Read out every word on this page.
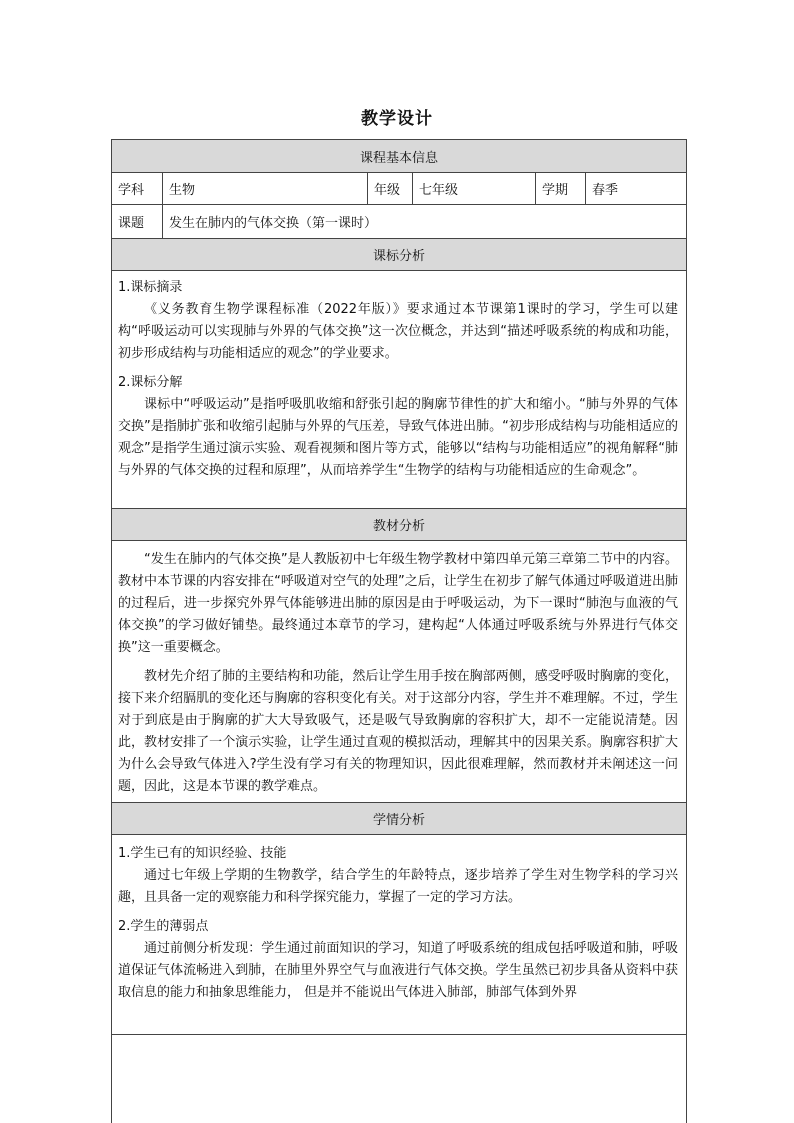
教学设计
课程基本信息
学科	生物	年级	七年级	学期	春季
课题	发生在肺内的气体交换（第一课时）
课标分析

1.课标摘录

《义务教育生物学课程标准（2022年版）》要求通过本节课第1课时的学习，学生可以建构“呼吸运动可以实现肺与外界的气体交换”这一次位概念，并达到“描述呼吸系统的构成和功能，初步形成结构与功能相适应的观念”的学业要求。

2.课标分解

课标中“呼吸运动”是指呼吸肌收缩和舒张引起的胸廓节律性的扩大和缩小。“肺与外界的气体交换”是指肺扩张和收缩引起肺与外界的气压差，导致气体进出肺。“初步形成结构与功能相适应的观念”是指学生通过演示实验、观看视频和图片等方式，能够以“结构与功能相适应”的视角解释“肺与外界的气体交换的过程和原理”，从而培养学生“生物学的结构与功能相适应的生命观念”。

教材分析

“发生在肺内的气体交换”是人教版初中七年级生物学教材中第四单元第三章第二节中的内容。教材中本节课的内容安排在“呼吸道对空气的处理”之后，让学生在初步了解气体通过呼吸道进出肺的过程后，进一步探究外界气体能够进出肺的原因是由于呼吸运动，为下一课时“肺泡与血液的气体交换”的学习做好铺垫。最终通过本章节的学习，建构起“人体通过呼吸系统与外界进行气体交换”这一重要概念。

教材先介绍了肺的主要结构和功能，然后让学生用手按在胸部两侧，感受呼吸时胸廓的变化，接下来介绍膈肌的变化还与胸廓的容积变化有关。对于这部分内容，学生并不难理解。不过，学生对于到底是由于胸廓的扩大大导致吸气，还是吸气导致胸廓的容积扩大，却不一定能说清楚。因此，教材安排了一个演示实验，让学生通过直观的模拟活动，理解其中的因果关系。胸廓容积扩大为什么会导致气体进入?学生没有学习有关的物理知识，因此很难理解，然而教材并未阐述这一问题，因此，这是本节课的教学难点。

学情分析

1.学生已有的知识经验、技能

通过七年级上学期的生物教学，结合学生的年龄特点，逐步培养了学生对生物学科的学习兴趣，且具备一定的观察能力和科学探究能力，掌握了一定的学习方法。

2.学生的薄弱点

通过前侧分析发现：学生通过前面知识的学习，知道了呼吸系统的组成包括呼吸道和肺，呼吸道保证气体流畅进入到肺，在肺里外界空气与血液进行气体交换。学生虽然已初步具备从资料中获取信息的能力和抽象思维能力， 但是并不能说出气体进入肺部，肺部气体到外界
